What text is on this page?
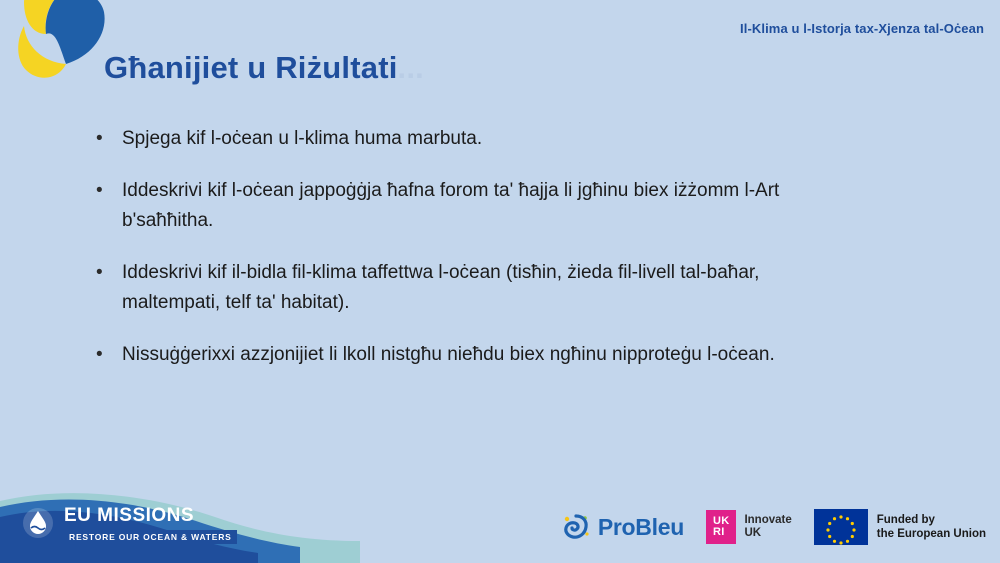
Il-Klima u l-Istorja tax-Xjenza tal-Oċean
Għanijiet u Riżultati...
•	Spjega kif l-oċean u l-klima huma marbuta.
•	Iddeskrivi kif l-oċean jappoġġja ħafna forom ta' ħajja li jgħinu biex iżżomm l-Art b'saħħitha.
•	Iddeskrivi kif il-bidla fil-klima taffettwa l-oċean (tisħin, żieda fil-livell tal-baħar, maltempati, telf ta' habitat).
•	Nissuġġerixxi azzjonijiet li lkoll nistgħu nieħdu biex ngħinu nipproteġu l-oċean.
EU MISSIONS
RESTORE OUR OCEAN & WATERS	ProBleu	UK
RI
Innovate
UK
Funded by
the European Union
